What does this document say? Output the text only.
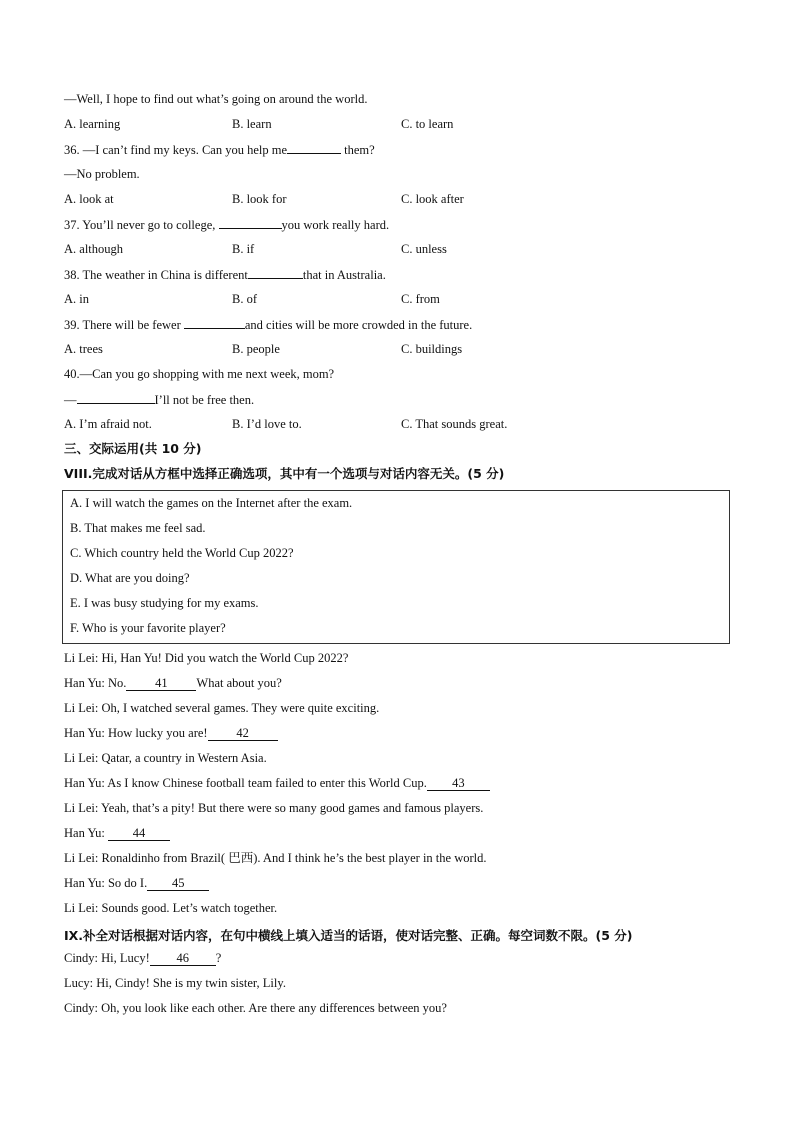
—Well, I hope to find out what’s going on around the world.
A. learning	B. learn	C. to learn
36. —I can’t find my keys. Can you help me	them?
—No problem.
A. look at	B. look for	C. look after
37. You’ll never go to college,	you work really hard.
A. although	B. if	C. unless
38. The weather in China is different	that in Australia.
A. in	B. of	C. from
39. There will be fewer	and cities will be more crowded in the future.
A. trees	B. people	C. buildings
40.—Can you go shopping with me next week, mom?
—	I’ll not be free then.
A. I’m afraid not.	B. I’d love to.	C. That sounds great.
三、交际运用(共 10 分)
VIII.完成对话从方框中选择正确选项，其中有一个选项与对话内容无关。(5 分)
A. I will watch the games on the Internet after the exam.
B. That makes me feel sad.
C. Which country held the World Cup 2022?
D. What are you doing?
E. I was busy studying for my exams.
F. Who is your favorite player?
Li Lei: Hi, Han Yu! Did you watch the World Cup 2022?
Han Yu: No. 41 What about you?
Li Lei: Oh, I watched several games. They were quite exciting.
Han Yu: How lucky you are! 42
Li Lei: Qatar, a country in Western Asia.
Han Yu: As I know Chinese football team failed to enter this World Cup. 43
Li Lei: Yeah, that’s a pity! But there were so many good games and famous players.
Han Yu: 44
Li Lei: Ronaldinho from Brazil( 巴西). And I think he’s the best player in the world.
Han Yu: So do I. 45
Li Lei: Sounds good. Let’s watch together.
IX.补全对话根据对话内容，在句中横线上填入适当的话语，使对话完整、正确。每空词数不限。(5 分)
Cindy: Hi, Lucy! 46 ?
Lucy: Hi, Cindy! She is my twin sister, Lily.
Cindy: Oh, you look like each other. Are there any differences between you?
